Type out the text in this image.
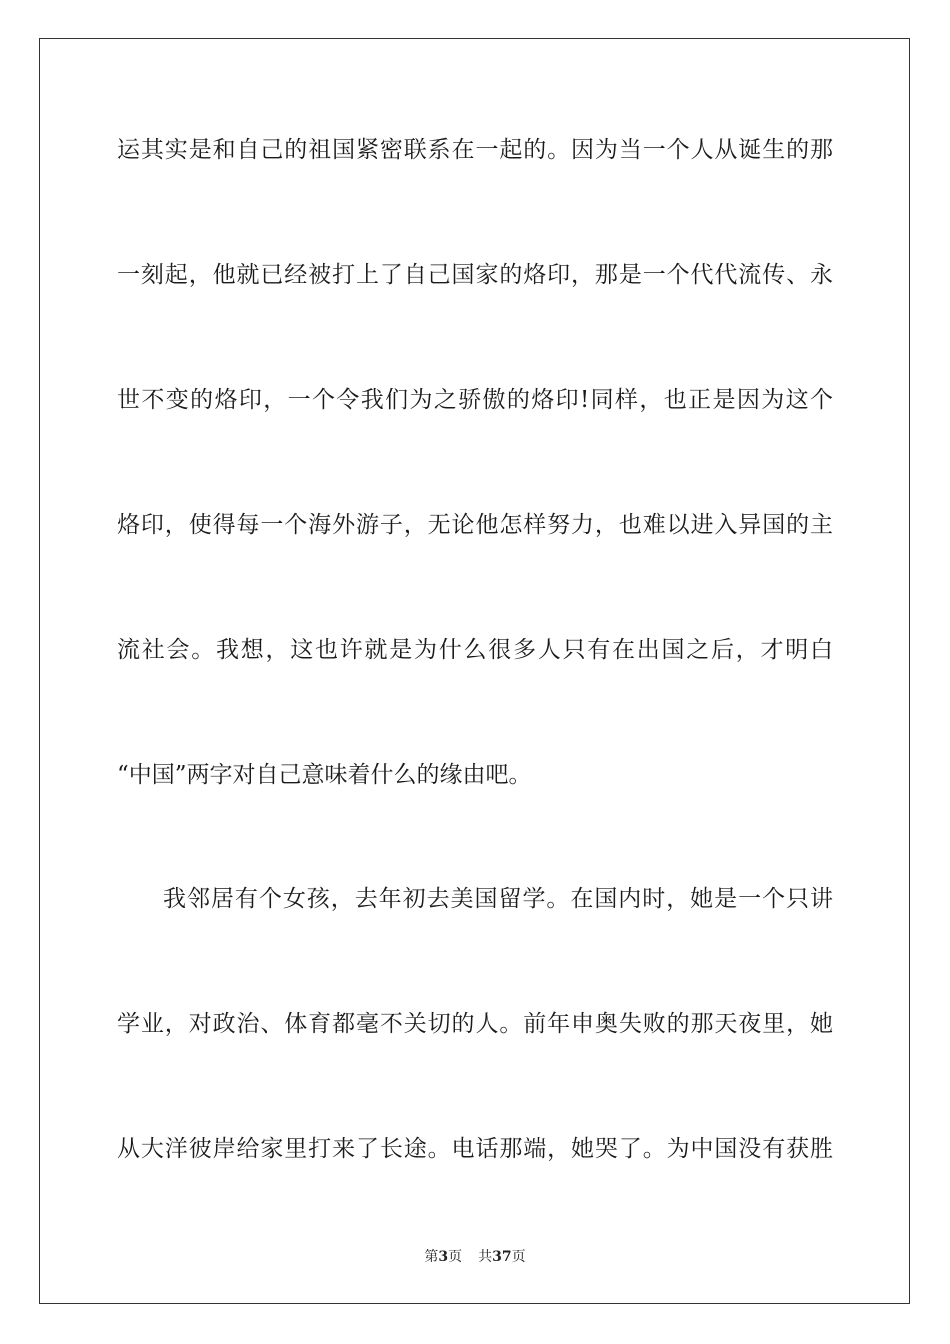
运其实是和自己的祖国紧密联系在一起的。因为当一个人从诞生的那
一刻起，他就已经被打上了自己国家的烙印，那是一个代代流传、永
世不变的烙印，一个令我们为之骄傲的烙印!同样，也正是因为这个
烙印，使得每一个海外游子，无论他怎样努力，也难以进入异国的主
流社会。我想，这也许就是为什么很多人只有在出国之后，才明白
“中国”两字对自己意味着什么的缘由吧。
我邻居有个女孩，去年初去美国留学。在国内时，她是一个只讲
学业，对政治、体育都毫不关切的人。前年申奥失败的那天夜里，她
从大洋彼岸给家里打来了长途。电话那端，她哭了。为中国没有获胜
第3页 共37页
